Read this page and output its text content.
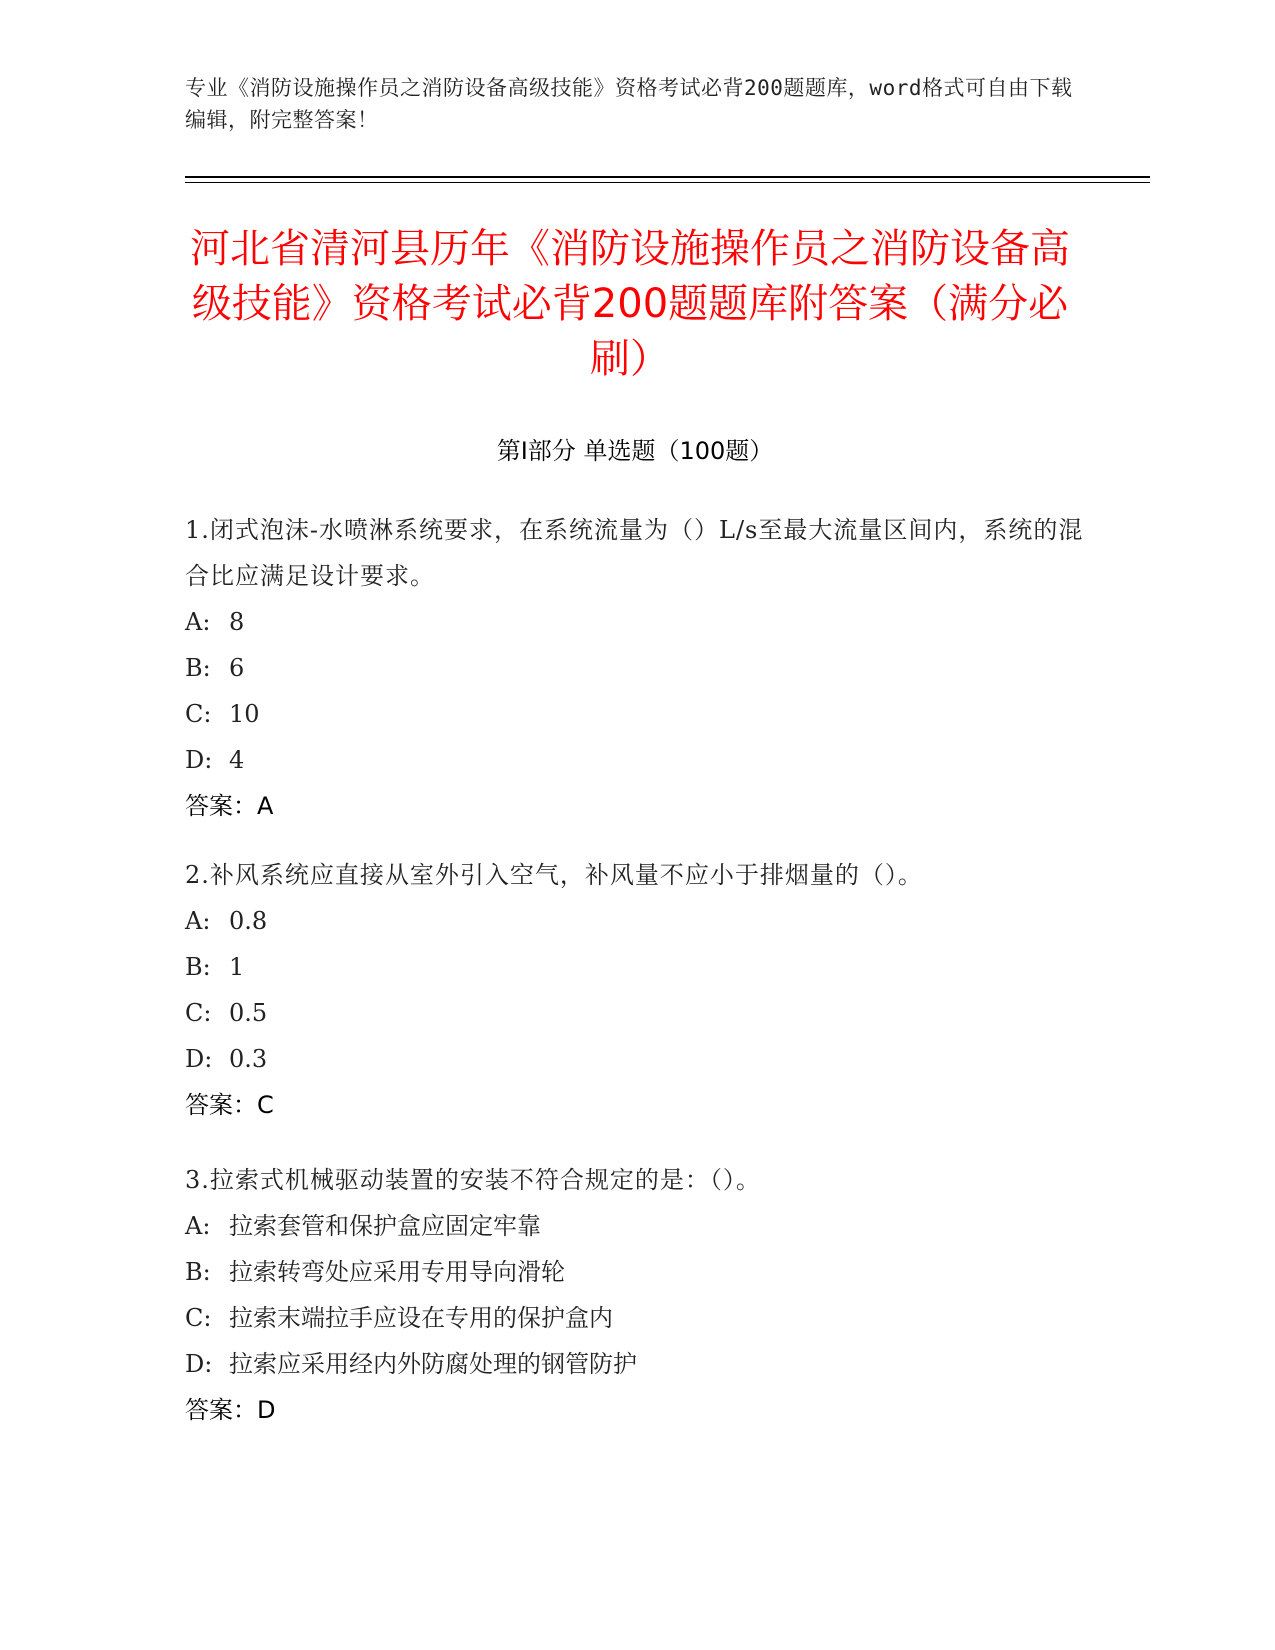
专业《消防设施操作员之消防设备高级技能》资格考试必背200题题库，word格式可自由下载编辑，附完整答案！
河北省清河县历年《消防设施操作员之消防设备高级技能》资格考试必背200题题库附答案（满分必刷）
第Ⅰ部分 单选题（100题）
1.闭式泡沫-水喷淋系统要求，在系统流量为（）L/s至最大流量区间内，系统的混合比应满足设计要求。
A: 8
B: 6
C: 10
D: 4
答案：A
2.补风系统应直接从室外引入空气，补风量不应小于排烟量的（）。
A: 0.8
B: 1
C: 0.5
D: 0.3
答案：C
3.拉索式机械驱动装置的安装不符合规定的是：（）。
A: 拉索套管和保护盒应固定牢靠
B: 拉索转弯处应采用专用导向滑轮
C: 拉索末端拉手应设在专用的保护盒内
D: 拉索应采用经内外防腐处理的钢管防护
答案：D
